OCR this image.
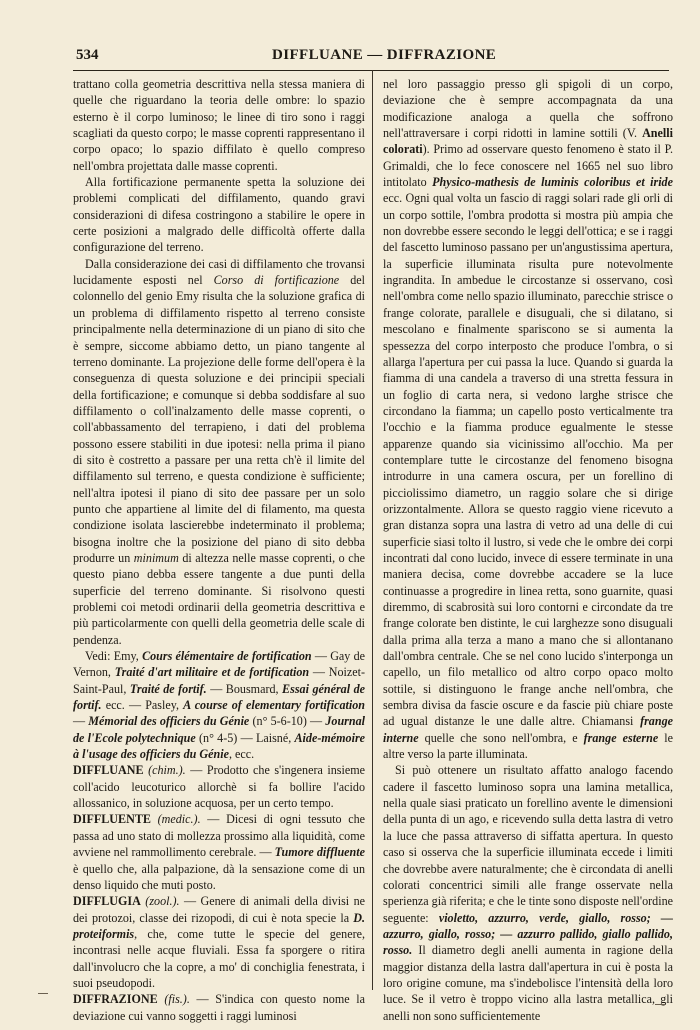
534	DIFFLUANE — DIFFRAZIONE

trattano colla geometria descrittiva nella stessa maniera di quelle che riguardano la teoria delle ombre: lo spazio esterno è il corpo luminoso; le linee di tiro sono i raggi scagliati da questo corpo; le masse coprenti rappresentano il corpo opaco; lo spazio diffilato è quello compreso nell'ombra projettata dalle masse coprenti.

Alla fortificazione permanente spetta la soluzione dei problemi complicati del diffilamento, quando gravi considerazioni di difesa costringono a stabilire le opere in certe posizioni a malgrado delle difficoltà offerte dalla configurazione del terreno.

Dalla considerazione dei casi di diffilamento che trovansi lucidamente esposti nel Corso di fortificazione del colonnello del genio Emy risulta che la soluzione grafica di un problema di diffilamento rispetto al terreno consiste principalmente nella determinazione di un piano di sito che è sempre, siccome abbiamo detto, un piano tangente al terreno dominante. La projezione delle forme dell'opera è la conseguenza di questa soluzione e dei principii speciali della fortificazione; e comunque si debba soddisfare al suo diffilamento o coll'inalzamento delle masse coprenti, o coll'abbassamento del terrapieno, i dati del problema possono essere stabiliti in due ipotesi: nella prima il piano di sito è costretto a passare per una retta ch'è il limite del diffilamento sul terreno, e questa condizione è sufficiente; nell'altra ipotesi il piano di sito dee passare per un solo punto che appartiene al limite del di filamento, ma questa condizione isolata lascierebbe indeterminato il problema; bisogna inoltre che la posizione del piano di sito debba produrre un minimum di altezza nelle masse coprenti, o che questo piano debba essere tangente a due punti della superficie del terreno dominante. Si risolvono questi problemi coi metodi ordinarii della geometria descrittiva e più particolarmente con quelli della geometria delle scale di pendenza.

Vedi: Emy, Cours élémentaire de fortification — Gay de Vernon, Traité d'art militaire et de fortification — Noizet-Saint-Paul, Traité de fortif. — Bousmard, Essai général de fortif. ecc. — Pasley, A course of elementary fortification — Mémorial des officiers du Génie (n° 5-6-10) — Journal de l'Ecole polytechnique (n° 4-5) — Laisné, Aide-mémoire à l'usage des officiers du Génie, ecc.

DIFFLUANE (chim.). — Prodotto che s'ingenera insieme coll'acido leucoturico allorchè si fa bollire l'acido allossanico, in soluzione acquosa, per un certo tempo.

DIFFLUENTE (medic.). — Dicesi di ogni tessuto che passa ad uno stato di mollezza prossimo alla liquidità, come avviene nel rammollimento cerebrale. — Tumore diffluente è quello che, alla palpazione, dà la sensazione come di un denso liquido che muti posto.

DIFFLUGIA (zool.). — Genere di animali della divisi ne dei protozoi, classe dei rizopodi, di cui è nota specie la D. proteiformis, che, come tutte le specie del genere, incontrasi nelle acque fluviali. Essa fa sporgere o ritira dall'involucro che la copre, a mo' di conchiglia fenestrata, i suoi pseudopodi.

DIFFRAZIONE (fis.). — S'indica con questo nome la deviazione cui vanno soggetti i raggi luminosi

nel loro passaggio presso gli spigoli di un corpo, deviazione che è sempre accompagnata da una modificazione analoga a quella che soffrono nell'attraversare i corpi ridotti in lamine sottili (V. Anelli colorati). Primo ad osservare questo fenomeno è stato il P. Grimaldi, che lo fece conoscere nel 1665 nel suo libro intitolato Physico-mathesis de luminis coloribus et iride ecc. Ogni qual volta un fascio di raggi solari rade gli orli di un corpo sottile, l'ombra prodotta si mostra più ampia che non dovrebbe essere secondo le leggi dell'ottica; e se i raggi del fascetto luminoso passano per un'angustissima apertura, la superficie illuminata risulta pure notevolmente ingrandita. In ambedue le circostanze si osservano, così nell'ombra come nello spazio illuminato, parecchie strisce o frange colorate, parallele e disuguali, che si dilatano, si mescolano e finalmente spariscono se si aumenta la spessezza del corpo interposto che produce l'ombra, o si allarga l'apertura per cui passa la luce. Quando si guarda la fiamma di una candela a traverso di una stretta fessura in un foglio di carta nera, si vedono larghe strisce che circondano la fiamma; un capello posto verticalmente tra l'occhio e la fiamma produce egualmente le stesse apparenze quando sia vicinissimo all'occhio. Ma per contemplare tutte le circostanze del fenomeno bisogna introdurre in una camera oscura, per un forellino di picciolissimo diametro, un raggio solare che si dirige orizzontalmente. Allora se questo raggio viene ricevuto a gran distanza sopra una lastra di vetro ad una delle di cui superficie siasi tolto il lustro, si vede che le ombre dei corpi incontrati dal cono lucido, invece di essere terminate in una maniera decisa, come dovrebbe accadere se la luce continuasse a progredire in linea retta, sono guarnite, quasi diremmo, di scabrosità sui loro contorni e circondate da tre frange colorate ben distinte, le cui larghezze sono disuguali dalla prima alla terza a mano a mano che si allontanano dall'ombra centrale. Che se nel cono lucido s'interponga un capello, un filo metallico od altro corpo opaco molto sottile, si distinguono le frange anche nell'ombra, che sembra divisa da fascie oscure e da fascie più chiare poste ad ugual distanze le une dalle altre. Chiamansi frange interne quelle che sono nell'ombra, e frange esterne le altre verso la parte illuminata.

Si può ottenere un risultato affatto analogo facendo cadere il fascetto luminoso sopra una lamina metallica, nella quale siasi praticato un forellino avente le dimensioni della punta di un ago, e ricevendo sulla detta lastra di vetro la luce che passa attraverso di siffatta apertura. In questo caso si osserva che la superficie illuminata eccede i limiti che dovrebbe avere naturalmente; che è circondata di anelli colorati concentrici simili alle frange osservate nella sperienza già riferita; e che le tinte sono disposte nell'ordine seguente: violetto, azzurro, verde, giallo, rosso; — azzurro, giallo, rosso; — azzurro pallido, giallo pallido, rosso. Il diametro degli anelli aumenta in ragione della maggior distanza della lastra dall'apertura in cui è posta la loro origine comune, ma s'indebolisce l'intensità della loro luce. Se il vetro è troppo vicino alla lastra metallica, gli anelli non sono sufficientemente
